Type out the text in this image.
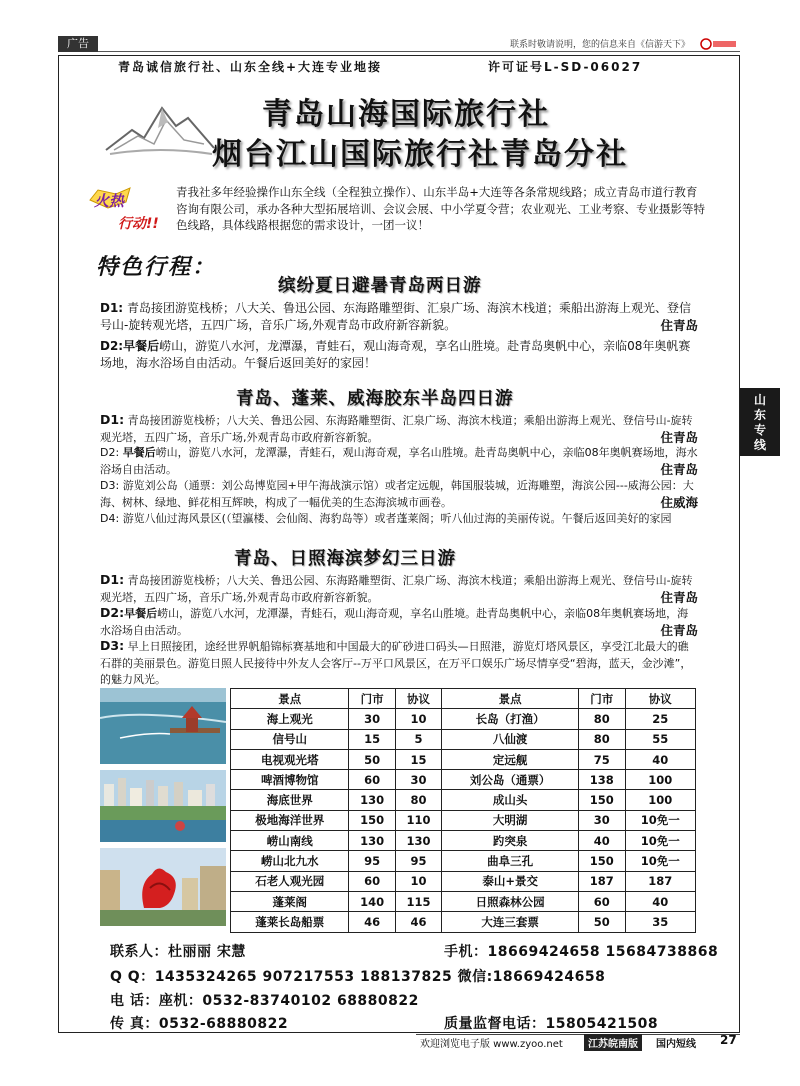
广告	联系时敬请说明，您的信息来自《信游天下》
青岛诚信旅行社、山东全线+大连专业地接	许可证号L-SD-06027
青岛山海国际旅行社
烟台江山国际旅行社青岛分社
火热
行动!!
青我社多年经验操作山东全线（全程独立操作）、山东半岛+大连等各条常规线路；成立青岛市道行教育咨询有限公司，承办各种大型拓展培训、会议会展、中小学夏令营；农业观光、工业考察、专业摄影等特色线路，具体线路根据您的需求设计，一团一议！
特色行程：
缤纷夏日避暑青岛两日游
D1: 青岛接团游览栈桥；八大关、鲁迅公园、东海路雕塑街、汇泉广场、海滨木栈道；乘船出游海上观光、登信号山-旋转观光塔，五四广场，音乐广场,外观青岛市政府新容新貌。	住青岛
D2:早餐后崂山，游览八水河，龙潭瀑，青蛙石，观山海奇观，享名山胜境。赴青岛奥帆中心，亲临08年奥帆赛场地，海水浴场自由活动。午餐后返回美好的家园！
青岛、蓬莱、威海胶东半岛四日游
D1: 青岛接团游览栈桥；八大关、鲁迅公园、东海路雕塑街、汇泉广场、海滨木栈道；乘船出游海上观光、登信号山-旋转观光塔，五四广场，音乐广场,外观青岛市政府新容新貌。	住青岛
D2: 早餐后崂山，游览八水河，龙潭瀑，青蛙石，观山海奇观，享名山胜境。赴青岛奥帆中心，亲临08年奥帆赛场地，海水浴场自由活动。	住青岛
D3: 游览刘公岛（通票：刘公岛博览园+甲午海战演示馆）或者定远舰，韩国服装城，近海雕塑，海滨公园---威海公园：大海、树林、绿地、鲜花相互辉映，构成了一幅优美的生态海滨城市画卷。	住威海
D4: 游览八仙过海风景区(（望瀛楼、会仙阁、海豹岛等）或者蓬莱阁；听八仙过海的美丽传说。午餐后返回美好的家园
青岛、日照海滨梦幻三日游
D1: 青岛接团游览栈桥；八大关、鲁迅公园、东海路雕塑街、汇泉广场、海滨木栈道；乘船出游海上观光、登信号山-旋转观光塔，五四广场，音乐广场,外观青岛市政府新容新貌。	住青岛
D2:早餐后崂山，游览八水河，龙潭瀑，青蛙石，观山海奇观，享名山胜境。赴青岛奥帆中心，亲临08年奥帆赛场地，海水浴场自由活动。	住青岛
D3: 早上日照接团，途经世界帆船锦标赛基地和中国最大的矿砂进口码头—日照港，游览灯塔风景区，享受江北最大的礁石群的美丽景色。游览日照人民接待中外友人会客厅--万平口风景区，在万平口娱乐广场尽情享受“碧海，蓝天，金沙滩”，的魅力风光。
山
东
专
线
景点	门市	协议	景点	门市	协议
海上观光	30	10	长岛（打渔）	80	25
信号山	15	5	八仙渡	80	55
电视观光塔	50	15	定远舰	75	40
啤酒博物馆	60	30	刘公岛（通票）	138	100
海底世界	130	80	成山头	150	100
极地海洋世界	150	110	大明湖	30	10免一
崂山南线	130	130	趵突泉	40	10免一
崂山北九水	95	95	曲阜三孔	150	10免一
石老人观光园	60	10	泰山+景交	187	187
蓬莱阁	140	115	日照森林公园	60	40
蓬莱长岛船票	46	46	大连三套票	50	35
联系人：杜丽丽 宋慧	手机：18669424658 15684738868
Q Q：1435324265 907217553 188137825 微信:18669424658
电 话：座机：0532-83740102 68880822
传 真：0532-68880822	质量监督电话：15805421508
欢迎浏览电子版 www.zyoo.net	江苏皖南版	国内短线 27
